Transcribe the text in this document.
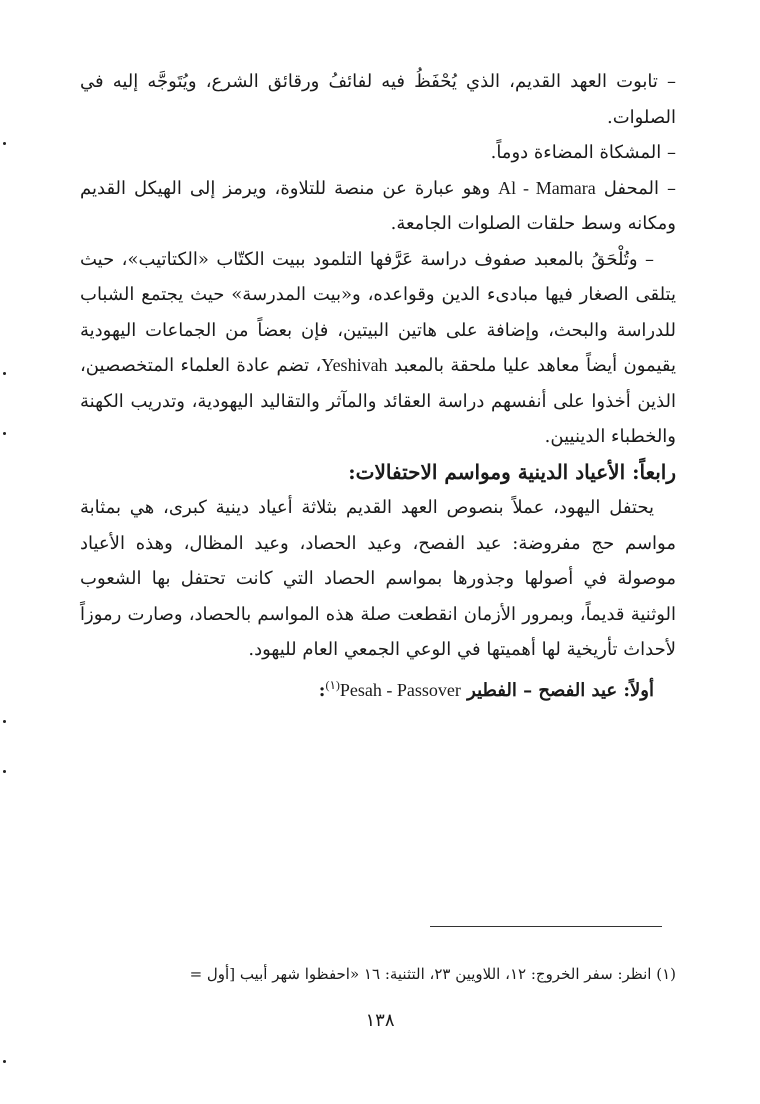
– تابوت العهد القديم، الذي يُحْفَظُ فيه لفائفُ ورقائق الشرع، ويُتَوجَّه إليه في الصلوات.

– المشكاة المضاءة دوماً.

– المحفل Al - Mamara وهو عبارة عن منصة للتلاوة، ويرمز إلى الهيكل القديم ومكانه وسط حلقات الصلوات الجامعة.

– وتُلْحَقُ بالمعبد صفوف دراسة عَرَّفها التلمود ببيت الكتّاب «الكتاتيب»، حيث يتلقى الصغار فيها مبادىء الدين وقواعده، و«بيت المدرسة» حيث يجتمع الشباب للدراسة والبحث، وإضافة على هاتين البيتين، فإن بعضاً من الجماعات اليهودية يقيمون أيضاً معاهد عليا ملحقة بالمعبد Yeshivah، تضم عادة العلماء المتخصصين، الذين أخذوا على أنفسهم دراسة العقائد والمآثر والتقاليد اليهودية، وتدريب الكهنة والخطباء الدينيين.

رابعاً: الأعياد الدينية ومواسم الاحتفالات:

يحتفل اليهود، عملاً بنصوص العهد القديم بثلاثة أعياد دينية كبرى، هي بمثابة مواسم حج مفروضة: عيد الفصح، وعيد الحصاد، وعيد المظال، وهذه الأعياد موصولة في أصولها وجذورها بمواسم الحصاد التي كانت تحتفل بها الشعوب الوثنية قديماً، وبمرور الأزمان انقطعت صلة هذه المواسم بالحصاد، وصارت رموزاً لأحداث تأريخية لها أهميتها في الوعي الجمعي العام لليهود.

أولاً: عيد الفصح – الفطير $^{(١)}$Pesah - Passover:

(١) انظر: سفر الخروج: ١٢، اللاويين ٢٣، التثنية: ١٦ «احفظوا شهر أبيب [أول =

١٣٨
